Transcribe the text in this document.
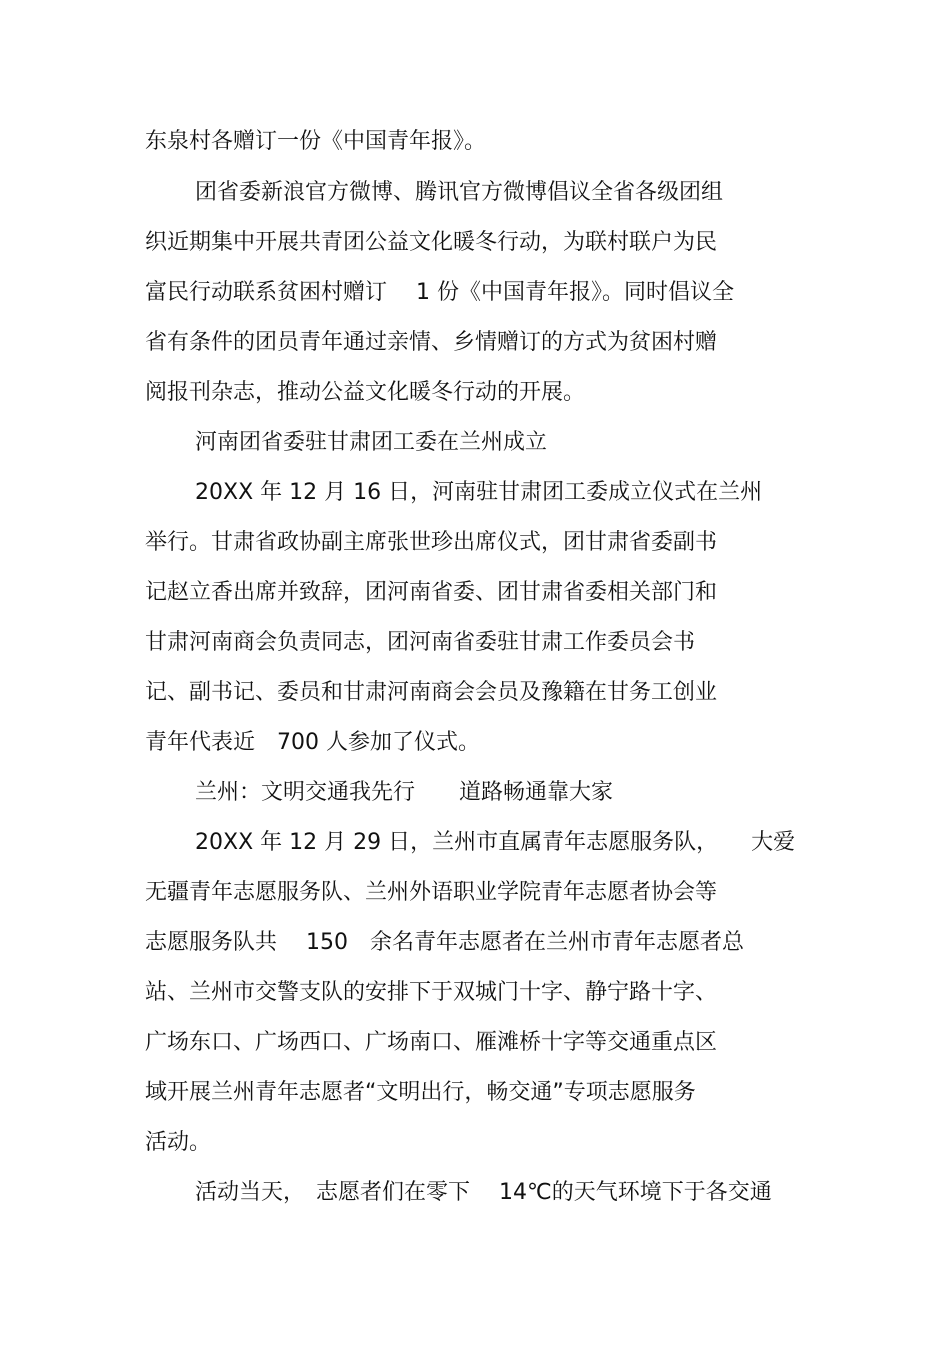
东泉村各赠订一份《中国青年报》。
团省委新浪官方微博、腾讯官方微博倡议全省各级团组
织近期集中开展共青团公益文化暖冬行动，为联村联户为民
富民行动联系贫困村赠订　 1 份《中国青年报》。同时倡议全
省有条件的团员青年通过亲情、乡情赠订的方式为贫困村赠
阅报刊杂志，推动公益文化暖冬行动的开展。
河南团省委驻甘肃团工委在兰州成立
20XX 年 12 月 16 日，河南驻甘肃团工委成立仪式在兰州
举行。甘肃省政协副主席张世珍出席仪式，团甘肃省委副书
记赵立香出席并致辞，团河南省委、团甘肃省委相关部门和
甘肃河南商会负责同志，团河南省委驻甘肃工作委员会书
记、副书记、委员和甘肃河南商会会员及豫籍在甘务工创业
青年代表近　700 人参加了仪式。
兰州：文明交通我先行　　道路畅通靠大家
20XX 年 12 月 29 日，兰州市直属青年志愿服务队，　　大爱
无疆青年志愿服务队、兰州外语职业学院青年志愿者协会等
志愿服务队共　 150　余名青年志愿者在兰州市青年志愿者总
站、兰州市交警支队的安排下于双城门十字、静宁路十字、
广场东口、广场西口、广场南口、雁滩桥十字等交通重点区
域开展兰州青年志愿者“文明出行，畅交通”专项志愿服务
活动。
活动当天，　志愿者们在零下　 14℃的天气环境下于各交通
